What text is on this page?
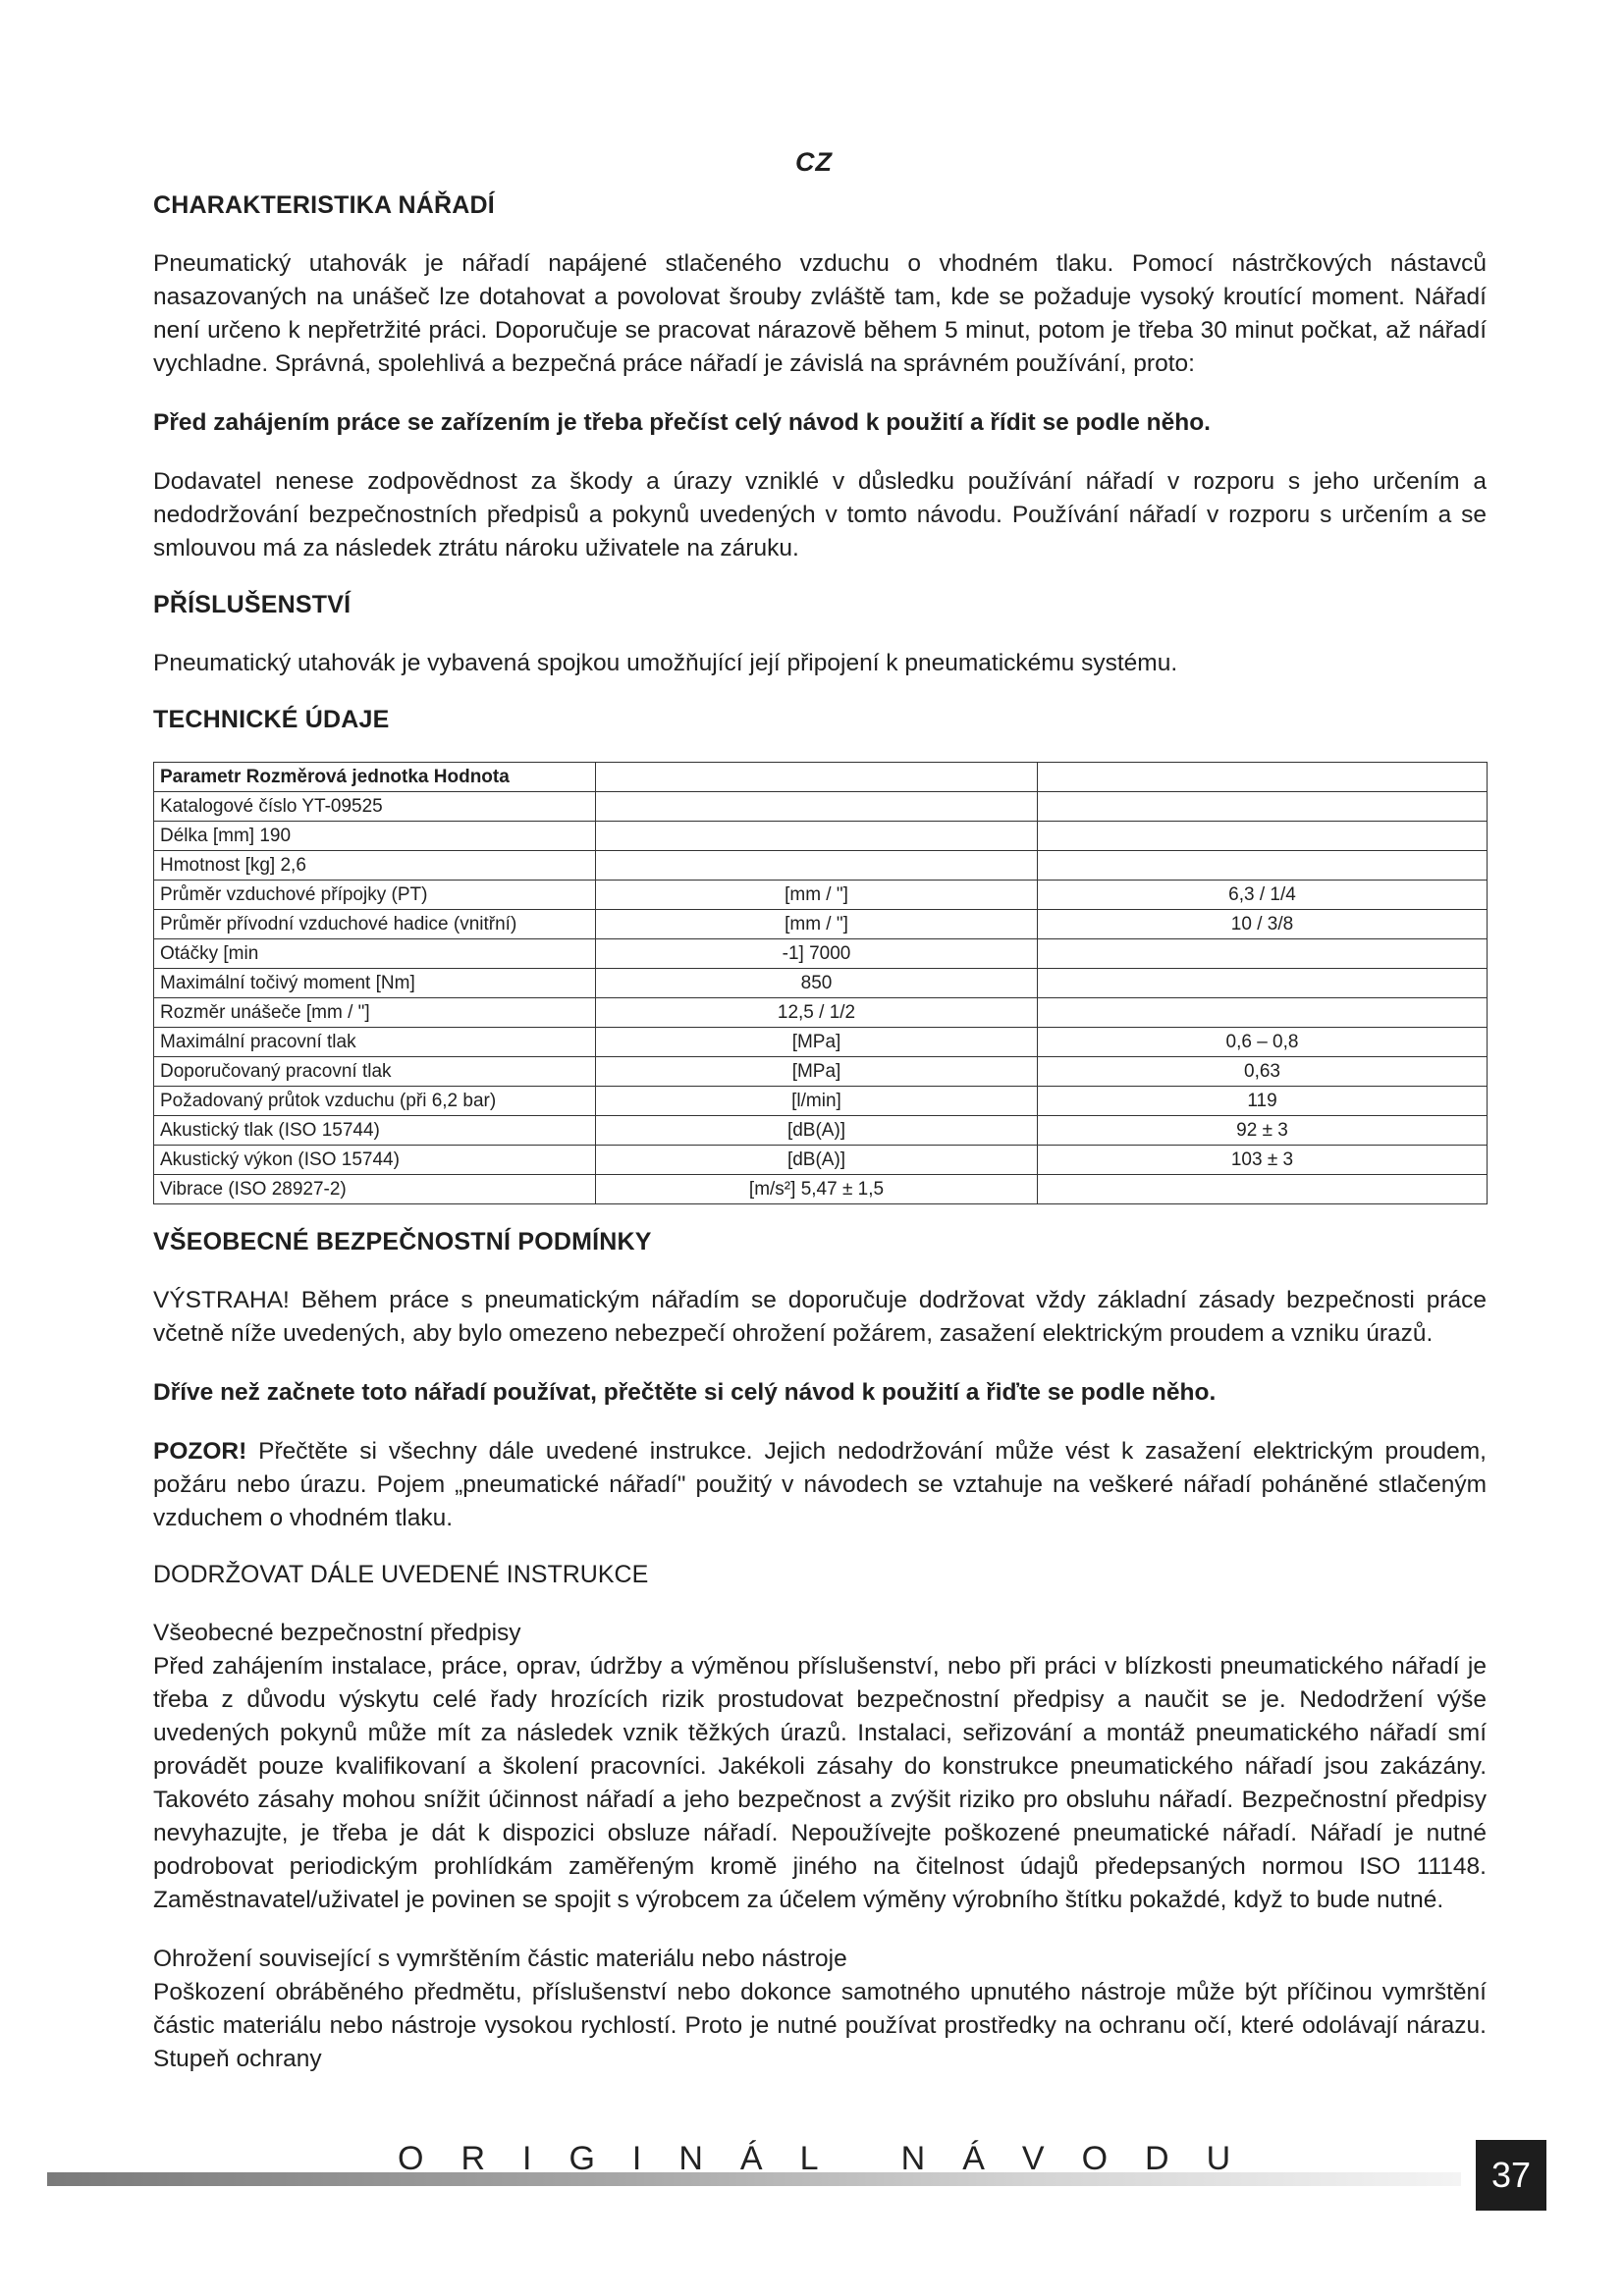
CZ
CHARAKTERISTIKA NÁŘADÍ
Pneumatický utahovák je nářadí napájené stlačeného vzduchu o vhodném tlaku. Pomocí nástrčkových nástavců nasazovaných na unášeč lze dotahovat a povolovat šrouby zvláště tam, kde se požaduje vysoký kroutící moment. Nářadí není určeno k nepřetržité práci. Doporučuje se pracovat nárazově během 5 minut, potom je třeba 30 minut počkat, až nářadí vychladne. Správná, spolehlivá a bezpečná práce nářadí je závislá na správném používání, proto:
Před zahájením práce se zařízením je třeba přečíst celý návod k použití a řídit se podle něho.
Dodavatel nenese zodpovědnost za škody a úrazy vzniklé v důsledku používání nářadí v rozporu s jeho určením a nedodržování bezpečnostních předpisů a pokynů uvedených v tomto návodu. Používání nářadí v rozporu s určením a se smlouvou má za následek ztrátu nároku uživatele na záruku.
PŘÍSLUŠENSTVÍ
Pneumatický utahovák je vybavená spojkou umožňující její připojení k pneumatickému systému.
TECHNICKÉ ÚDAJE
Parametr Rozměrová jednotka Hodnota		
Katalogové číslo YT-09525		
Délka [mm] 190		
Hmotnost [kg] 2,6		
Průměr vzduchové přípojky (PT)	[mm / "]	6,3 / 1/4
Průměr přívodní vzduchové hadice (vnitřní)	[mm / "]	10 / 3/8
Otáčky [min	-1] 7000	
Maximální točivý moment [Nm]	850	
Rozměr unášeče [mm / "]	12,5 / 1/2	
Maximální pracovní tlak	[MPa]	0,6 – 0,8
Doporučovaný pracovní tlak	[MPa]	0,63
Požadovaný průtok vzduchu (při 6,2 bar)	[l/min]	119
Akustický tlak (ISO 15744)	[dB(A)]	92 ± 3
Akustický výkon (ISO 15744)	[dB(A)]	103 ± 3
Vibrace (ISO 28927-2)	[m/s²] 5,47 ± 1,5	
VŠEOBECNÉ BEZPEČNOSTNÍ PODMÍNKY
VÝSTRAHA! Během práce s pneumatickým nářadím se doporučuje dodržovat vždy základní zásady bezpečnosti práce včetně níže uvedených, aby bylo omezeno nebezpečí ohrožení požárem, zasažení elektrickým proudem a vzniku úrazů.
Dříve než začnete toto nářadí používat, přečtěte si celý návod k použití a řiďte se podle něho.
POZOR! Přečtěte si všechny dále uvedené instrukce. Jejich nedodržování může vést k zasažení elektrickým proudem, požáru nebo úrazu. Pojem „pneumatické nářadí" použitý v návodech se vztahuje na veškeré nářadí poháněné stlačeným vzduchem o vhodném tlaku.
DODRŽOVAT DÁLE UVEDENÉ INSTRUKCE
Všeobecné bezpečnostní předpisy
Před zahájením instalace, práce, oprav, údržby a výměnou příslušenství, nebo při práci v blízkosti pneumatického nářadí je třeba z důvodu výskytu celé řady hrozících rizik prostudovat bezpečnostní předpisy a naučit se je. Nedodržení výše uvedených pokynů může mít za následek vznik těžkých úrazů. Instalaci, seřizování a montáž pneumatického nářadí smí provádět pouze kvalifikovaní a školení pracovníci. Jakékoli zásahy do konstrukce pneumatického nářadí jsou zakázány. Takovéto zásahy mohou snížit účinnost nářadí a jeho bezpečnost a zvýšit riziko pro obsluhu nářadí. Bezpečnostní předpisy nevyhazujte, je třeba je dát k dispozici obsluze nářadí. Nepoužívejte poškozené pneumatické nářadí. Nářadí je nutné podrobovat periodickým prohlídkám zaměřeným kromě jiného na čitelnost údajů předepsaných normou ISO 11148. Zaměstnavatel/uživatel je povinen se spojit s výrobcem za účelem výměny výrobního štítku pokaždé, když to bude nutné.
Ohrožení související s vymrštěním částic materiálu nebo nástroje
Poškození obráběného předmětu, příslušenství nebo dokonce samotného upnutého nástroje může být příčinou vymrštění částic materiálu nebo nástroje vysokou rychlostí. Proto je nutné používat prostředky na ochranu očí, které odolávají nárazu. Stupeň ochrany
ORIGINÁL NÁVODU	37
